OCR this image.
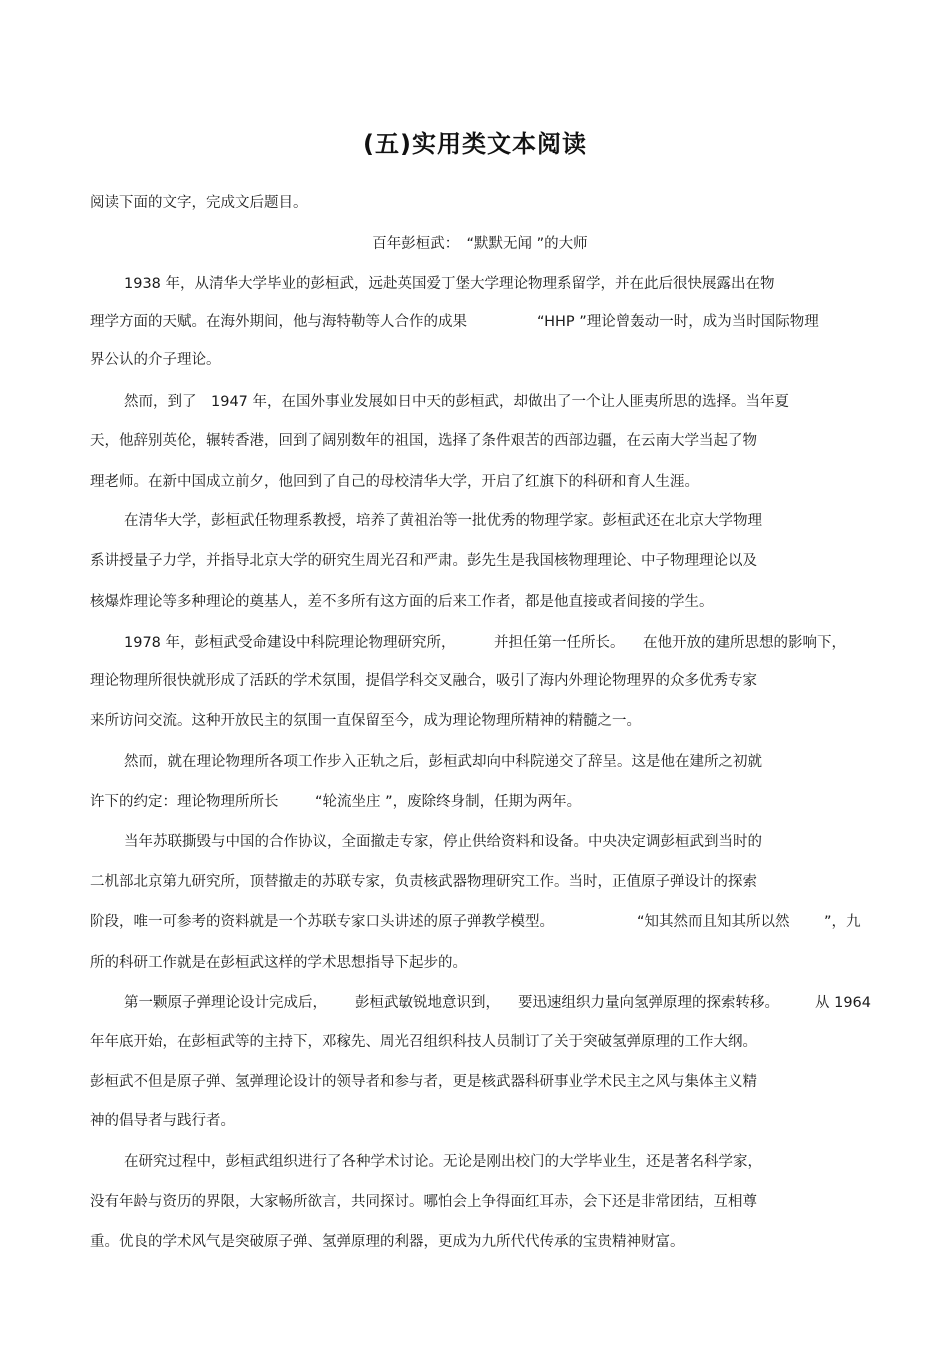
(五)实用类文本阅读
阅读下面的文字，完成文后题目。
百年彭桓武：　“默默无闻 ”的大师
1938 年，从清华大学毕业的彭桓武，远赴英国爱丁堡大学理论物理系留学，并在此后很快展露出在物
理学方面的天赋。在海外期间，他与海特勒等人合作的成果	“HHP ”理论曾轰动一时，成为当时国际物理
界公认的介子理论。
然而，到了　1947 年，在国外事业发展如日中天的彭桓武，却做出了一个让人匪夷所思的选择。当年夏
天，他辞别英伦，辗转香港，回到了阔别数年的祖国，选择了条件艰苦的西部边疆，在云南大学当起了物
理老师。在新中国成立前夕，他回到了自己的母校清华大学，开启了红旗下的科研和育人生涯。
在清华大学，彭桓武任物理系教授，培养了黄祖治等一批优秀的物理学家。彭桓武还在北京大学物理
系讲授量子力学，并指导北京大学的研究生周光召和严肃。彭先生是我国核物理理论、中子物理理论以及
核爆炸理论等多种理论的奠基人，差不多所有这方面的后来工作者，都是他直接或者间接的学生。
1978 年，彭桓武受命建设中科院理论物理研究所，	并担任第一任所长。 在他开放的建所思想的影响下，
理论物理所很快就形成了活跃的学术氛围，提倡学科交叉融合，吸引了海内外理论物理界的众多优秀专家
来所访问交流。这种开放民主的氛围一直保留至今，成为理论物理所精神的精髓之一。
然而，就在理论物理所各项工作步入正轨之后，彭桓武却向中科院递交了辞呈。这是他在建所之初就
许下的约定：理论物理所所长	“轮流坐庄 ”，废除终身制，任期为两年。
当年苏联撕毁与中国的合作协议，全面撤走专家，停止供给资料和设备。中央决定调彭桓武到当时的
二机部北京第九研究所，顶替撤走的苏联专家，负责核武器物理研究工作。当时，正值原子弹设计的探索
阶段，唯一可参考的资料就是一个苏联专家口头讲述的原子弹教学模型。	“知其然而且知其所以然 ”，九
所的科研工作就是在彭桓武这样的学术思想指导下起步的。
第一颗原子弹理论设计完成后， 彭桓武敏锐地意识到， 要迅速组织力量向氢弹原理的探索转移。 从 1964
年年底开始，在彭桓武等的主持下，邓稼先、周光召组织科技人员制订了关于突破氢弹原理的工作大纲。
彭桓武不但是原子弹、氢弹理论设计的领导者和参与者，更是核武器科研事业学术民主之风与集体主义精
神的倡导者与践行者。
在研究过程中，彭桓武组织进行了各种学术讨论。无论是刚出校门的大学毕业生，还是著名科学家，
没有年龄与资历的界限，大家畅所欲言，共同探讨。哪怕会上争得面红耳赤，会下还是非常团结，互相尊
重。优良的学术风气是突破原子弹、氢弹原理的利器，更成为九所代代传承的宝贵精神财富。
